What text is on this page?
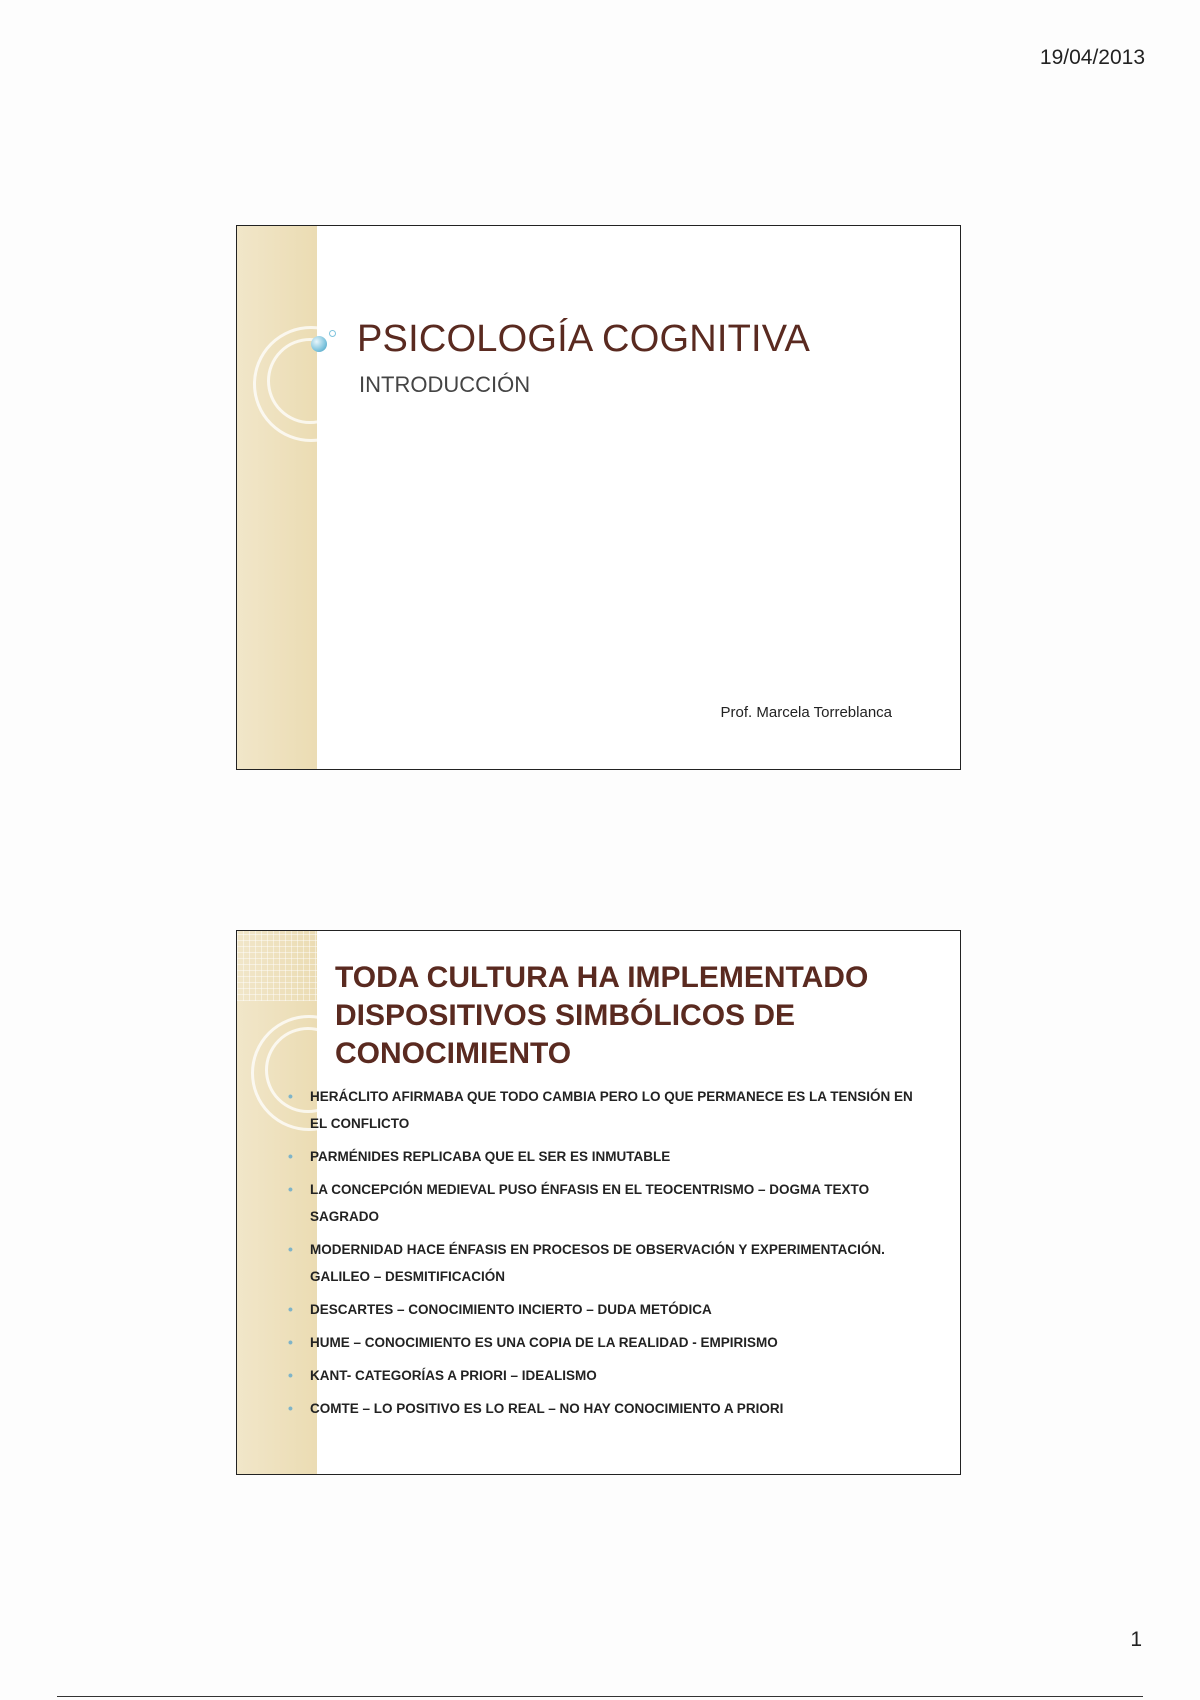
19/04/2013
PSICOLOGÍA COGNITIVA
INTRODUCCIÓN
Prof. Marcela Torreblanca
TODA CULTURA HA IMPLEMENTADO DISPOSITIVOS SIMBÓLICOS DE CONOCIMIENTO
• HERÁCLITO AFIRMABA QUE TODO CAMBIA PERO LO QUE PERMANECE ES LA TENSIÓN EN EL CONFLICTO
• PARMÉNIDES REPLICABA QUE EL SER ES INMUTABLE
• LA CONCEPCIÓN MEDIEVAL PUSO ÉNFASIS EN EL TEOCENTRISMO – DOGMA TEXTO SAGRADO
• MODERNIDAD HACE ÉNFASIS EN PROCESOS DE OBSERVACIÓN Y EXPERIMENTACIÓN. GALILEO – DESMITIFICACIÓN
• DESCARTES – CONOCIMIENTO INCIERTO – DUDA METÓDICA
• HUME – CONOCIMIENTO ES UNA COPIA DE LA REALIDAD - EMPIRISMO
• KANT- CATEGORÍAS A PRIORI – IDEALISMO
• COMTE – LO POSITIVO ES LO REAL – NO HAY CONOCIMIENTO A PRIORI
1
